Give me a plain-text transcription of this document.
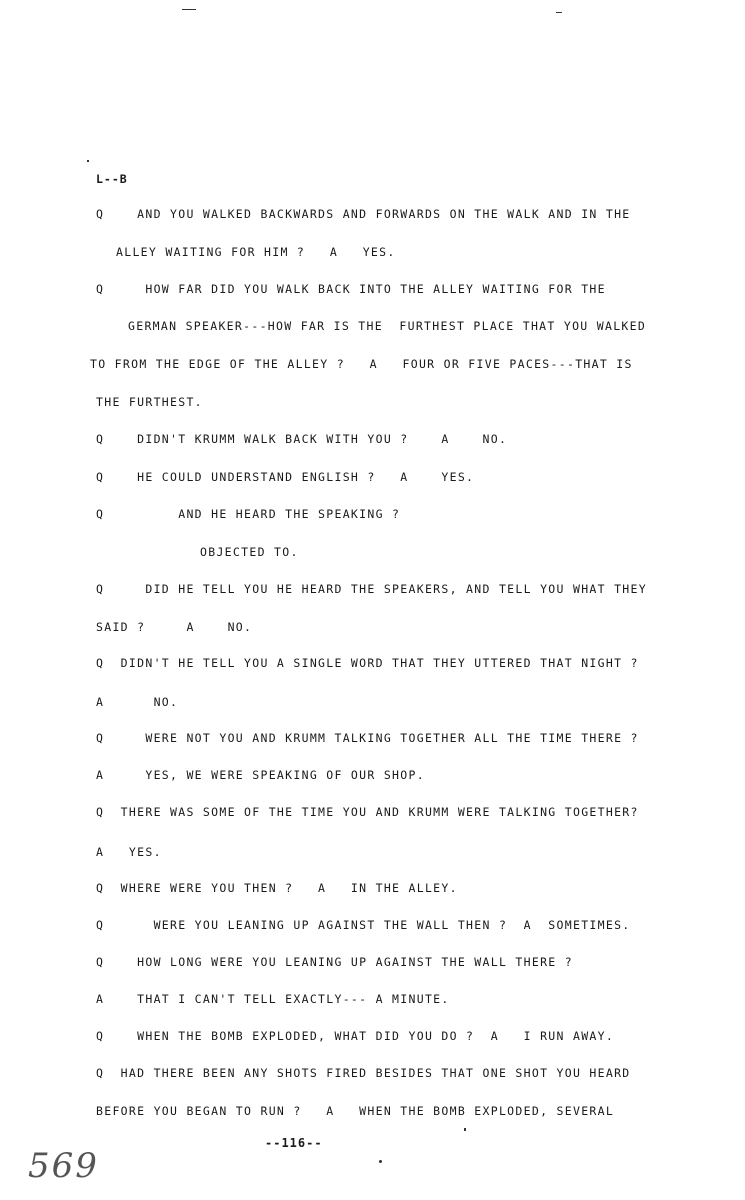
L--B
Q    AND YOU WALKED BACKWARDS AND FORWARDS ON THE WALK AND IN THE
ALLEY WAITING FOR HIM ?   A   YES.
Q     HOW FAR DID YOU WALK BACK INTO THE ALLEY WAITING FOR THE
GERMAN SPEAKER---HOW FAR IS THE  FURTHEST PLACE THAT YOU WALKED
TO FROM THE EDGE OF THE ALLEY ?   A   FOUR OR FIVE PACES---THAT IS
THE FURTHEST.
Q    DIDN'T KRUMM WALK BACK WITH YOU ?    A    NO.
Q    HE COULD UNDERSTAND ENGLISH ?   A    YES.
Q         AND HE HEARD THE SPEAKING ?
OBJECTED TO.
Q     DID HE TELL YOU HE HEARD THE SPEAKERS, AND TELL YOU WHAT THEY
SAID ?     A    NO.
Q  DIDN'T HE TELL YOU A SINGLE WORD THAT THEY UTTERED THAT NIGHT ?
A      NO.
Q     WERE NOT YOU AND KRUMM TALKING TOGETHER ALL THE TIME THERE ?
A     YES, WE WERE SPEAKING OF OUR SHOP.
Q  THERE WAS SOME OF THE TIME YOU AND KRUMM WERE TALKING TOGETHER?
A   YES.
Q  WHERE WERE YOU THEN ?   A   IN THE ALLEY.
Q      WERE YOU LEANING UP AGAINST THE WALL THEN ?  A  SOMETIMES.
Q    HOW LONG WERE YOU LEANING UP AGAINST THE WALL THERE ?
A    THAT I CAN'T TELL EXACTLY--- A MINUTE.
Q    WHEN THE BOMB EXPLODED, WHAT DID YOU DO ?  A   I RUN AWAY.
Q  HAD THERE BEEN ANY SHOTS FIRED BESIDES THAT ONE SHOT YOU HEARD
BEFORE YOU BEGAN TO RUN ?   A   WHEN THE BOMB EXPLODED, SEVERAL
--116--
569
